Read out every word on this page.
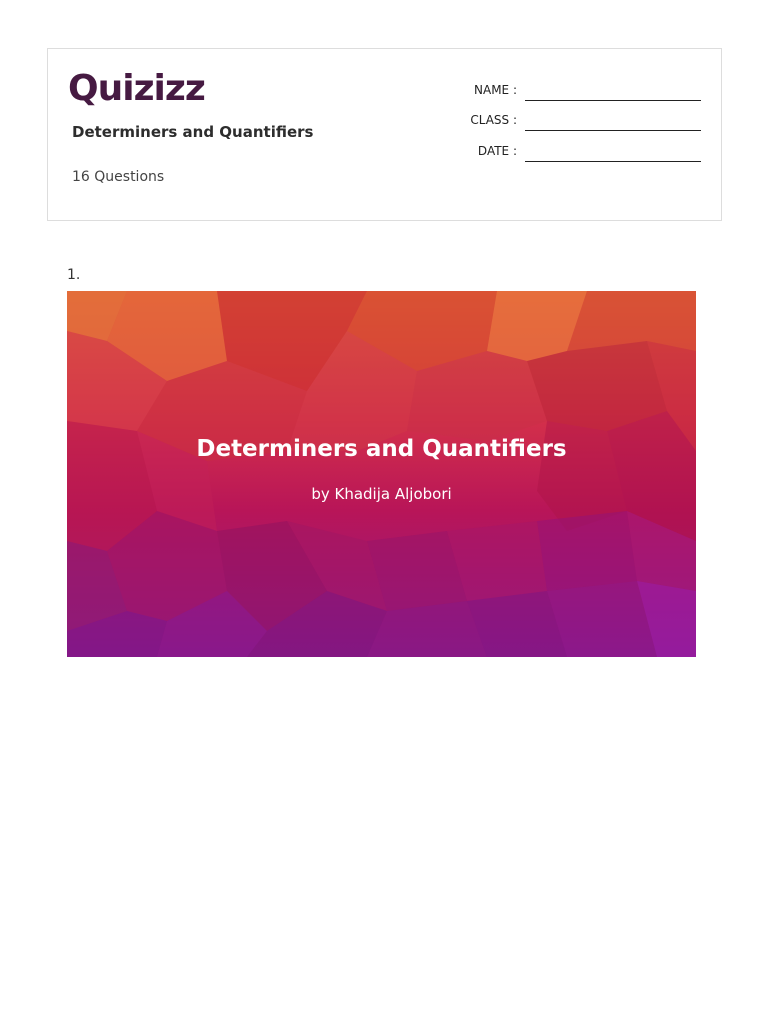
Quizizz
Determiners and Quantifiers
16 Questions
NAME :
CLASS :
DATE :
1.
Determiners and Quantifiers
by Khadija Aljobori
